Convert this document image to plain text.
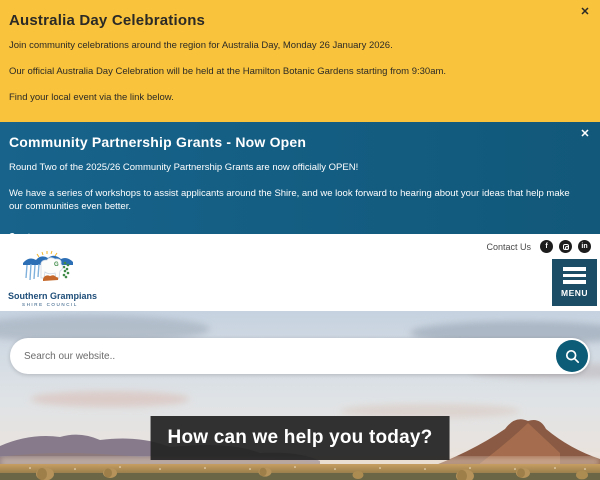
Australia Day Celebrations

Join community celebrations around the region for Australia Day, Monday 26 January 2026.

Our official Australia Day Celebration will be held at the Hamilton Botanic Gardens starting from 9:30am.

Find your local event via the link below.

✕
Community Partnership Grants - Now Open

Round Two of the 2025/26 Community Partnership Grants are now officially OPEN!

We have a series of workshops to assist applicants around the Shire, and we look forward to hearing about your ideas that help make our communities even better.

✕
Contact Us	f	in
G
Southern Grampians
SHIRE COUNCIL
MENU
Search our website..
How can we help you today?
